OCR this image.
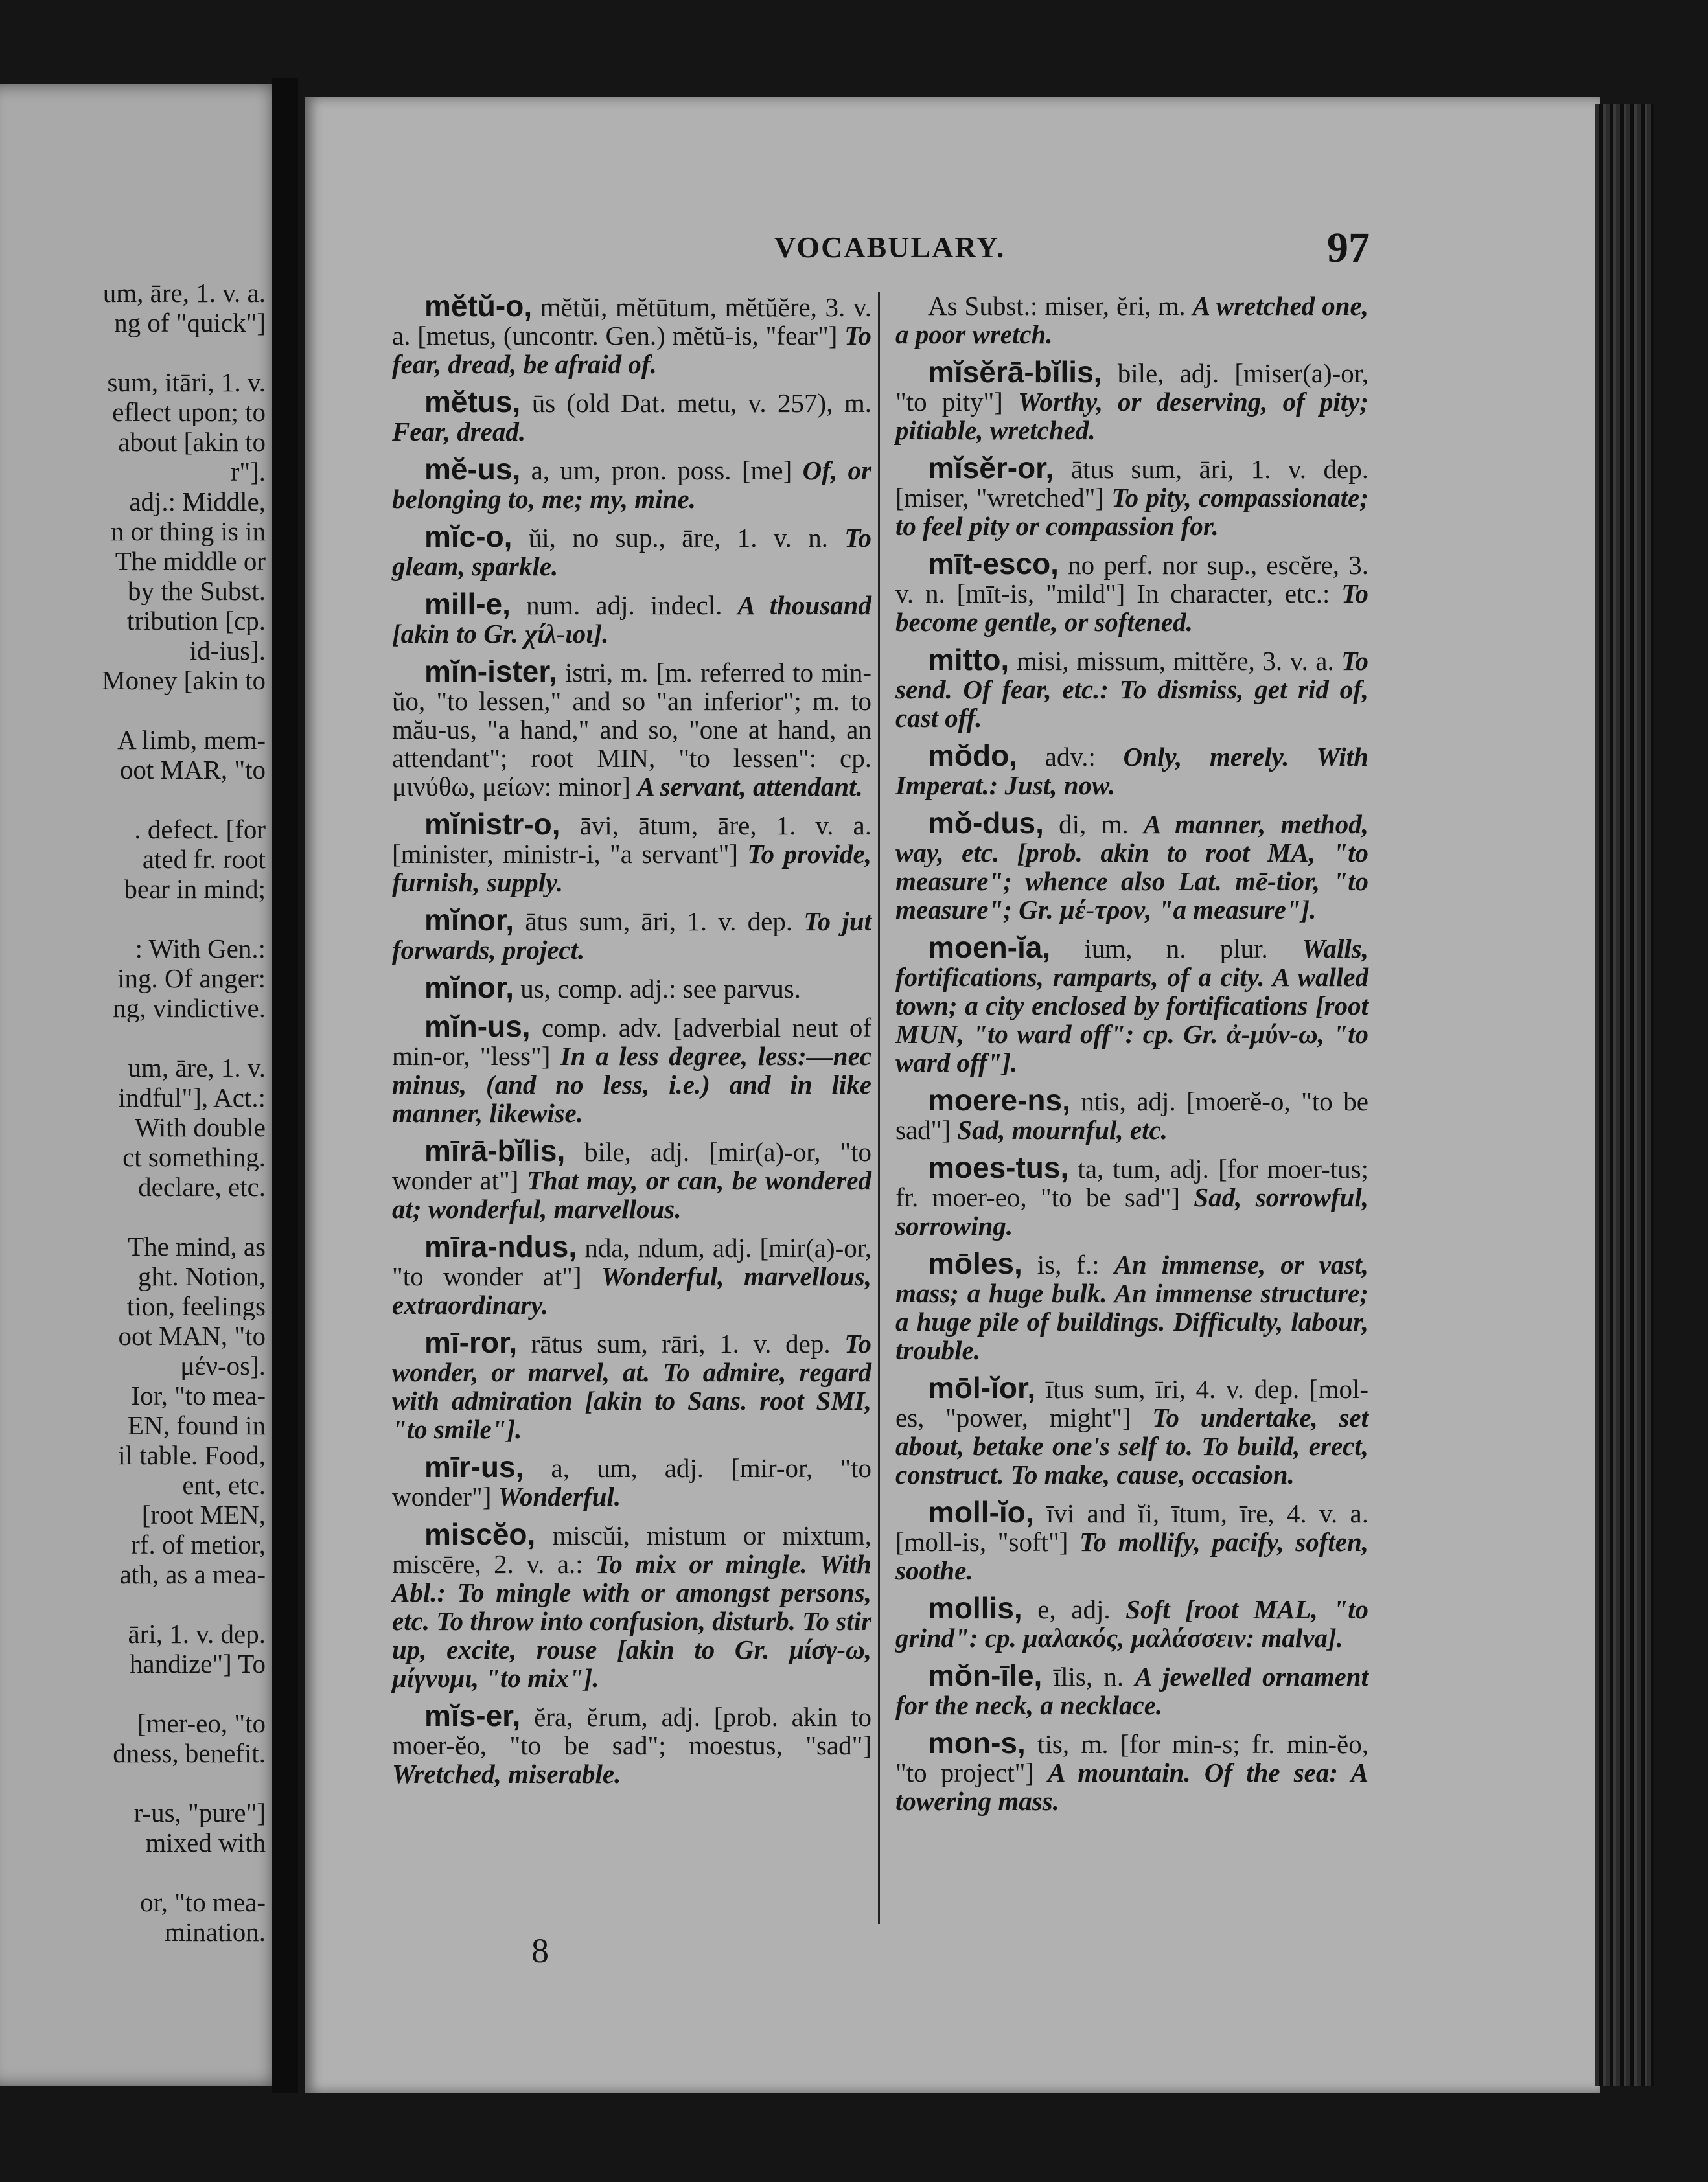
um, āre, 1. v. a.
ng of "quick"]
sum, itāri, 1. v.
eflect upon; to
about [akin to
r"].
adj.: Middle,
n or thing is in
The middle or
by the Subst.
tribution [cp.
id-ius].
Money [akin to
A limb, mem-
oot MAR, "to
. defect. [for
ated fr. root
bear in mind;
: With Gen.:
ing. Of anger:
ng, vindictive.
um, āre, 1. v.
indful"], Act.:
With double
ct something.
declare, etc.
The mind, as
ght. Notion,
tion, feelings
oot MAN, "to
μέν-os].
Ior, "to mea-
EN, found in
il table. Food,
ent, etc.
[root MEN,
rf. of metior,
ath, as a mea-
āri, 1. v. dep.
handize"] To
[mer-eo, "to
dness, benefit.
r-us, "pure"]
mixed with
or, "to mea-
mination.
VOCABULARY.	97

mĕtŭ-o, mĕtŭi, mĕtūtum, mĕtŭĕre, 3. v. a. [metus, (uncontr. Gen.) mĕtŭ-is, "fear"] To fear, dread, be afraid of.

mĕtus, ūs (old Dat. metu, v. 257), m. Fear, dread.

mĕ-us, a, um, pron. poss. [me] Of, or belonging to, me; my, mine.

mĭc-o, ŭi, no sup., āre, 1. v. n. To gleam, sparkle.

mill-e, num. adj. indecl. A thousand [akin to Gr. χίλ-ιοι].

mĭn-ister, istri, m. [m. referred to min-ŭo, "to lessen," and so "an inferior"; m. to mău-us, "a hand," and so, "one at hand, an attendant"; root MIN, "to lessen": cp. μινύθω, μείων: minor] A servant, attendant.

mĭnistr-o, āvi, ātum, āre, 1. v. a. [minister, ministr-i, "a servant"] To provide, furnish, supply.

mĭnor, ātus sum, āri, 1. v. dep. To jut forwards, project.

mĭnor, us, comp. adj.: see parvus.

mĭn-us, comp. adv. [adverbial neut of min-or, "less"] In a less degree, less:—nec minus, (and no less, i.e.) and in like manner, likewise.

mīrā-bĭlis, bile, adj. [mir(a)-or, "to wonder at"] That may, or can, be wondered at; wonderful, marvellous.

mīra-ndus, nda, ndum, adj. [mir(a)-or, "to wonder at"] Wonderful, marvellous, extraordinary.

mī-ror, rātus sum, rāri, 1. v. dep. To wonder, or marvel, at. To admire, regard with admiration [akin to Sans. root SMI, "to smile"].

mīr-us, a, um, adj. [mir-or, "to wonder"] Wonderful.

miscĕo, miscŭi, mistum or mixtum, miscēre, 2. v. a.: To mix or mingle. With Abl.: To mingle with or amongst persons, etc. To throw into confusion, disturb. To stir up, excite, rouse [akin to Gr. μίσγ-ω, μίγνυμι, "to mix"].

mĭs-er, ĕra, ĕrum, adj. [prob. akin to moer-ĕo, "to be sad"; moestus, "sad"] Wretched, miserable.

As Subst.: miser, ĕri, m. A wretched one, a poor wretch.

mĭsĕrā-bĭlis, bile, adj. [miser(a)-or, "to pity"] Worthy, or deserving, of pity; pitiable, wretched.

mĭsĕr-or, ātus sum, āri, 1. v. dep. [miser, "wretched"] To pity, compassionate; to feel pity or compassion for.

mīt-esco, no perf. nor sup., escĕre, 3. v. n. [mīt-is, "mild"] In character, etc.: To become gentle, or softened.

mitto, misi, missum, mittĕre, 3. v. a. To send. Of fear, etc.: To dismiss, get rid of, cast off.

mŏdo, adv.: Only, merely. With Imperat.: Just, now.

mŏ-dus, di, m. A manner, method, way, etc. [prob. akin to root MA, "to measure"; whence also Lat. mē-tior, "to measure"; Gr. μέ-τρον, "a measure"].

moen-ĭa, ium, n. plur. Walls, fortifications, ramparts, of a city. A walled town; a city enclosed by fortifications [root MUN, "to ward off": cp. Gr. ἀ-μύν-ω, "to ward off"].

moere-ns, ntis, adj. [moerĕ-o, "to be sad"] Sad, mournful, etc.

moes-tus, ta, tum, adj. [for moer-tus; fr. moer-eo, "to be sad"] Sad, sorrowful, sorrowing.

mōles, is, f.: An immense, or vast, mass; a huge bulk. An immense structure; a huge pile of buildings. Difficulty, labour, trouble.

mōl-ĭor, ītus sum, īri, 4. v. dep. [mol-es, "power, might"] To undertake, set about, betake one's self to. To build, erect, construct. To make, cause, occasion.

moll-ĭo, īvi and ĭi, ītum, īre, 4. v. a. [moll-is, "soft"] To mollify, pacify, soften, soothe.

mollis, e, adj. Soft [root MAL, "to grind": cp. μαλακός, μαλάσσειν: malva].

mŏn-īle, īlis, n. A jewelled ornament for the neck, a necklace.

mon-s, tis, m. [for min-s; fr. min-ĕo, "to project"] A mountain. Of the sea: A towering mass.

8
